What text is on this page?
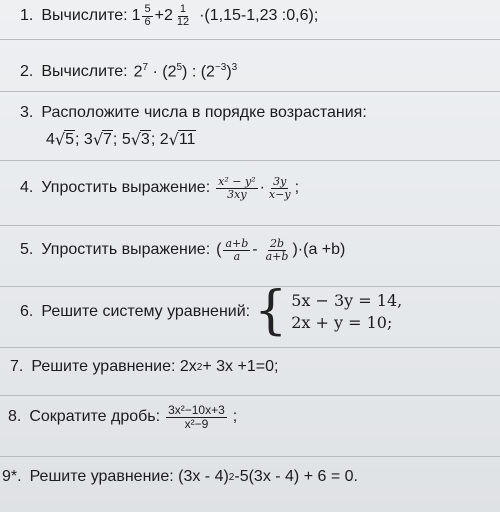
1. Вычислите: $1 \frac{5}{6} +2 \frac{1}{12} \cdot(1,15-1,23$ :0,6);
2. Вычислите: $2^7 \cdot (2^5)$ : $(2^{-3})^3$
3. Расположите числа в порядке возрастания:
4 √ 5 ; 3 √ 7 ; 5 √ 3 ; 2 √ 11
4. Упростить выражение: $\frac{\text{x² − y²}}{3xy} \cdot \frac{3y}{x-y}$ ;
5. Упростить выражение: ( $\frac{a+b}{a} - \frac{2b}{a+b} )\cdot(a +b)$
6. Решите систему уравнений: { 5x − 3y = 14,
2x + y = 10;
7. Решите уравнение: 2x 2 + 3x +1=0;
8. Сократите дробь: $\frac{\text{3x²−10x+3}}{\text{x²−9}}$ ;
9*. Решите уравнение: (3x - 4) 2 -5(3x - 4) + 6 = 0.
